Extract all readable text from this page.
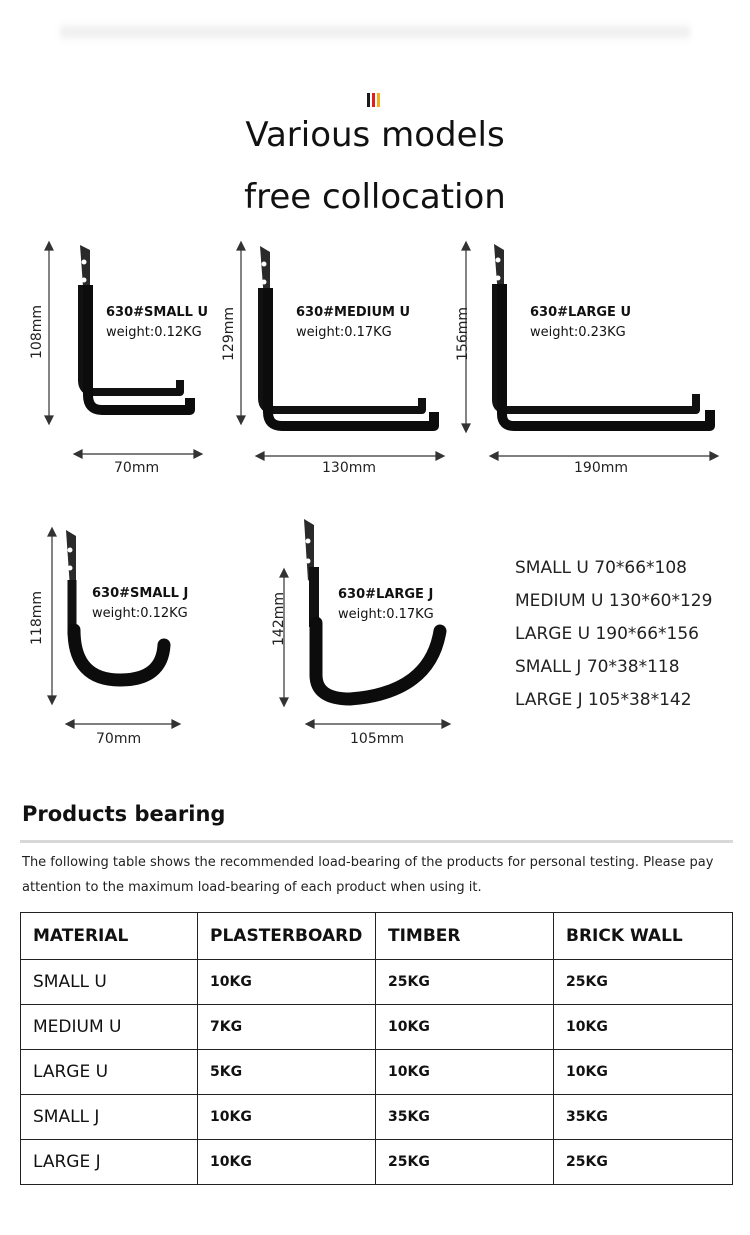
Various models
free collocation
108mm
70mm
630#SMALL U
weight:0.12KG	129mm
130mm
630#MEDIUM U
weight:0.17KG	156mm
190mm
630#LARGE U
weight:0.23KG
118mm
70mm
630#SMALL J
weight:0.12KG	142mm
105mm
630#LARGE J
weight:0.17KG
SMALL U 70*66*108
MEDIUM U 130*60*129
LARGE U 190*66*156
SMALL J 70*38*118
LARGE J 105*38*142
Products bearing
The following table shows the recommended load-bearing of the products for personal testing. Please pay attention to the maximum load-bearing of each product when using it.
MATERIAL	PLASTERBOARD	TIMBER	BRICK WALL
SMALL U	10KG	25KG	25KG
MEDIUM U	7KG	10KG	10KG
LARGE U	5KG	10KG	10KG
SMALL J	10KG	35KG	35KG
LARGE J	10KG	25KG	25KG
